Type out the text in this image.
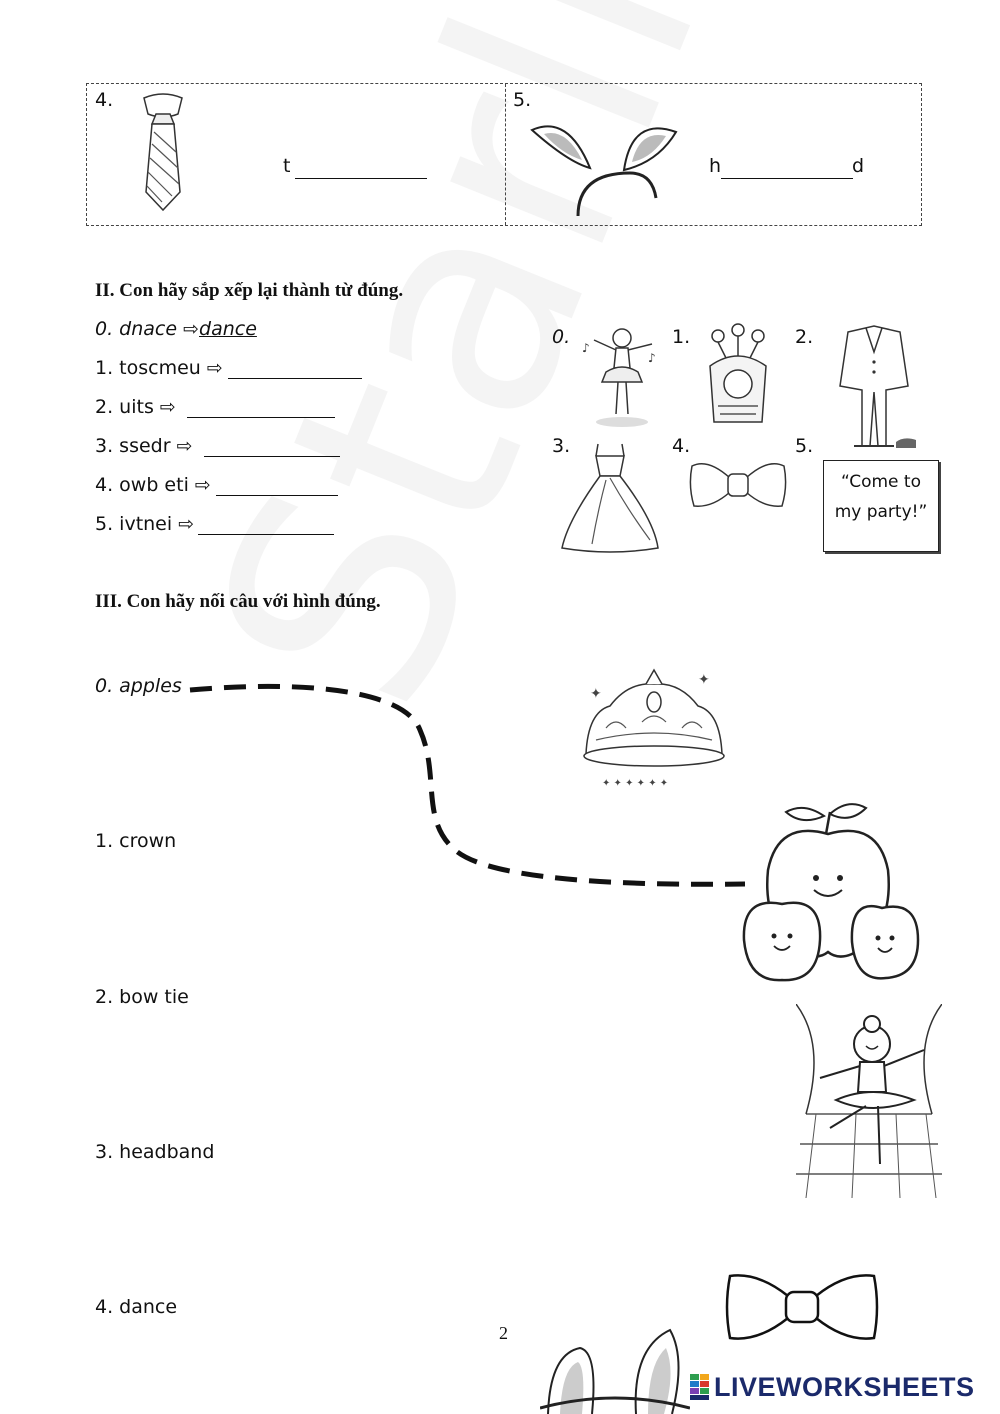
4.
t
5.
h	d
II. Con hãy sắp xếp lại thành từ đúng.
0. dnace ⇨dance
1. toscmeu ⇨
2. uits ⇨
3. ssedr ⇨
4. owb eti ⇨
5. ivtnei ⇨
0.	1.	2.
3.	4.	5.
♪
♪
“Come to
my party!”
III. Con hãy nối câu với hình đúng.
0. apples
1. crown
2. bow tie
3. headband
4. dance
✦
✦
✦ ✦ ✦ ✦ ✦ ✦
2
LIVEWORKSHEETS
